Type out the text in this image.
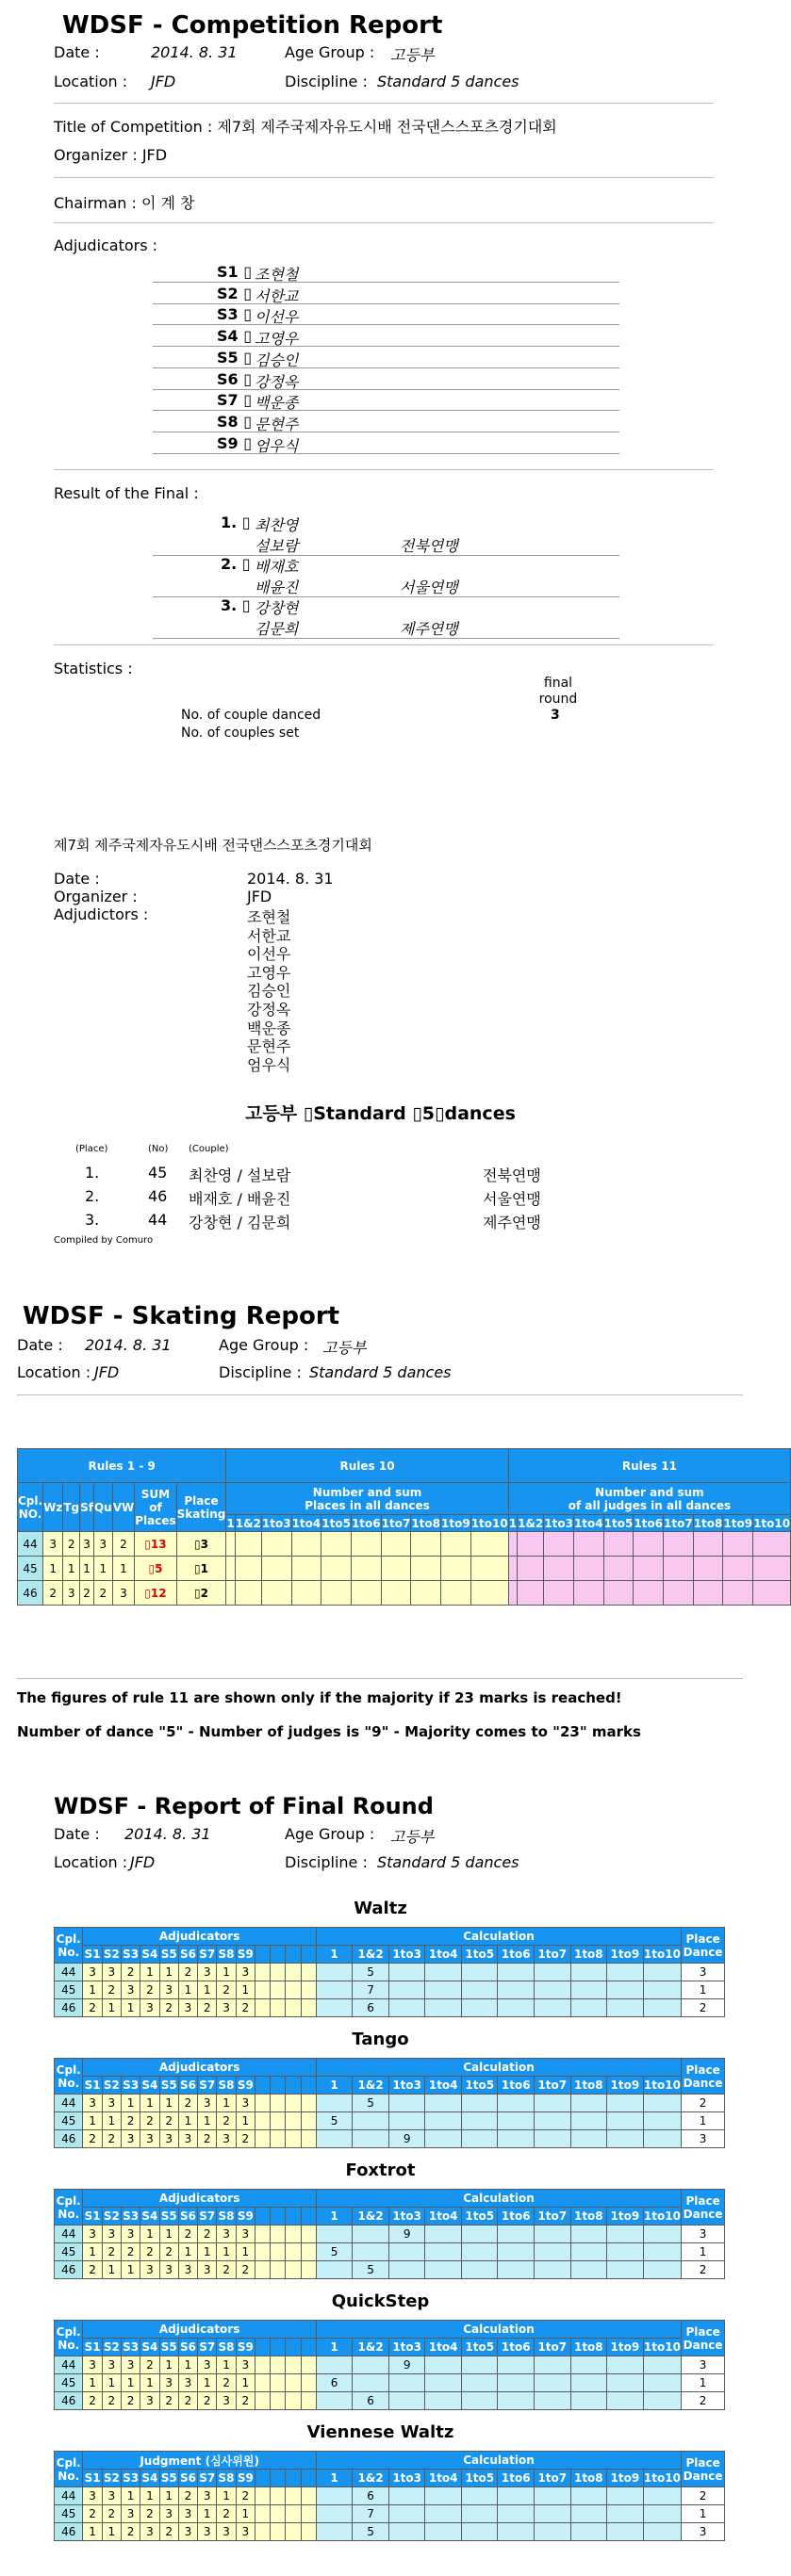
WDSF - Competition Report
Date :	2014. 8. 31	Age Group : 고등부
Location : JFD	Discipline : Standard 5 dances
Title of Competition : 제7회 제주국제자유도시배 전국댄스스포츠경기대회
Organizer : JFD
Chairman : 이 계 창
Adjudicators :
S1 ▯ 조현철
S2 ▯ 서한교
S3 ▯ 이선우
S4 ▯ 고영우
S5 ▯ 김승인
S6 ▯ 강정옥
S7 ▯ 백운종
S8 ▯ 문현주
S9 ▯ 엄우식
Result of the Final :
1. ▯ 최찬영
설보람	전북연맹
2. ▯ 배재호
배윤진	서울연맹
3. ▯ 강창현
김문희	제주연맹
Statistics :
final
round
No. of couple danced	3
No. of couples set
제7회 제주국제자유도시배 전국댄스스포츠경기대회
Date :	2014. 8. 31
Organizer :	JFD
Adjudictors :	조현철
서한교
이선우
고영우
김승인
강정옥
백운종
문현주
엄우식
고등부 ▯Standard ▯5▯dances
(Place)	(No) (Couple)
1.	45 최찬영 / 설보람	전북연맹
2.	46 배재호 / 배윤진	서울연맹
3.	44 강창현 / 김문희	제주연맹
Compiled by Comuro
WDSF - Skating Report
Date : 2014. 8. 31	Age Group : 고등부
Location : JFD	Discipline : Standard 5 dances
Rules 1 - 9								Rules 10										Rules 11									
Cpl.
NO.	Wz	Tg	Sf	Qu	VW	SUM of Places	Place Skating	Number and sum
Places in all dances										Number and sum
of all judges in all dances									
								1	1&2	1to3	1to4	1to5	1to6	1to7	1to8	1to9	1to10	1	1&2	1to3	1to4	1to5	1to6	1to7	1to8	1to9	1to10
44	3	2	3	3	2	▯13	▯3																				
45	1	1	1	1	1	▯5	▯1																				
46	2	3	2	2	3	▯12	▯2																				
The figures of rule 11 are shown only if the majority if 23 marks is reached!
Number of dance "5" - Number of judges is "9" - Majority comes to "23" marks
WDSF - Report of Final Round
Date : 2014. 8. 31	Age Group : 고등부
Location : JFD	Discipline : Standard 5 dances
Waltz
Cpl.
No.	Adjudicators													Calculation										Place
Dance
	S1	S2	S3	S4	S5	S6	S7	S8	S9					1	1&2	1to3	1to4	1to5	1to6	1to7	1to8	1to9	1to10	
44	3	3	2	1	1	2	3	1	3						5									3
45	1	2	3	2	3	1	1	2	1						7									1
46	2	1	1	3	2	3	2	3	2						6									2
Tango
Cpl.
No.	Adjudicators													Calculation										Place
Dance
	S1	S2	S3	S4	S5	S6	S7	S8	S9					1	1&2	1to3	1to4	1to5	1to6	1to7	1to8	1to9	1to10	
44	3	3	1	1	1	2	3	1	3						5									2
45	1	1	2	2	2	1	1	2	1					5										1
46	2	2	3	3	3	3	2	3	2							9								3
Foxtrot
Cpl.
No.	Adjudicators													Calculation										Place
Dance
	S1	S2	S3	S4	S5	S6	S7	S8	S9					1	1&2	1to3	1to4	1to5	1to6	1to7	1to8	1to9	1to10	
44	3	3	3	1	1	2	2	3	3							9								3
45	1	2	2	2	2	1	1	1	1					5										1
46	2	1	1	3	3	3	3	2	2						5									2
QuickStep
Cpl.
No.	Adjudicators													Calculation										Place
Dance
	S1	S2	S3	S4	S5	S6	S7	S8	S9					1	1&2	1to3	1to4	1to5	1to6	1to7	1to8	1to9	1to10	
44	3	3	3	2	1	1	3	1	3							9								3
45	1	1	1	1	3	3	1	2	1					6										1
46	2	2	2	3	2	2	2	3	2						6									2
Viennese Waltz
Cpl.
No.	Judgment (심사위원)													Calculation										Place
Dance
	S1	S2	S3	S4	S5	S6	S7	S8	S9					1	1&2	1to3	1to4	1to5	1to6	1to7	1to8	1to9	1to10	
44	3	3	1	1	1	2	3	1	2						6									2
45	2	2	3	2	3	3	1	2	1						7									1
46	1	1	2	3	2	3	3	3	3						5									3
